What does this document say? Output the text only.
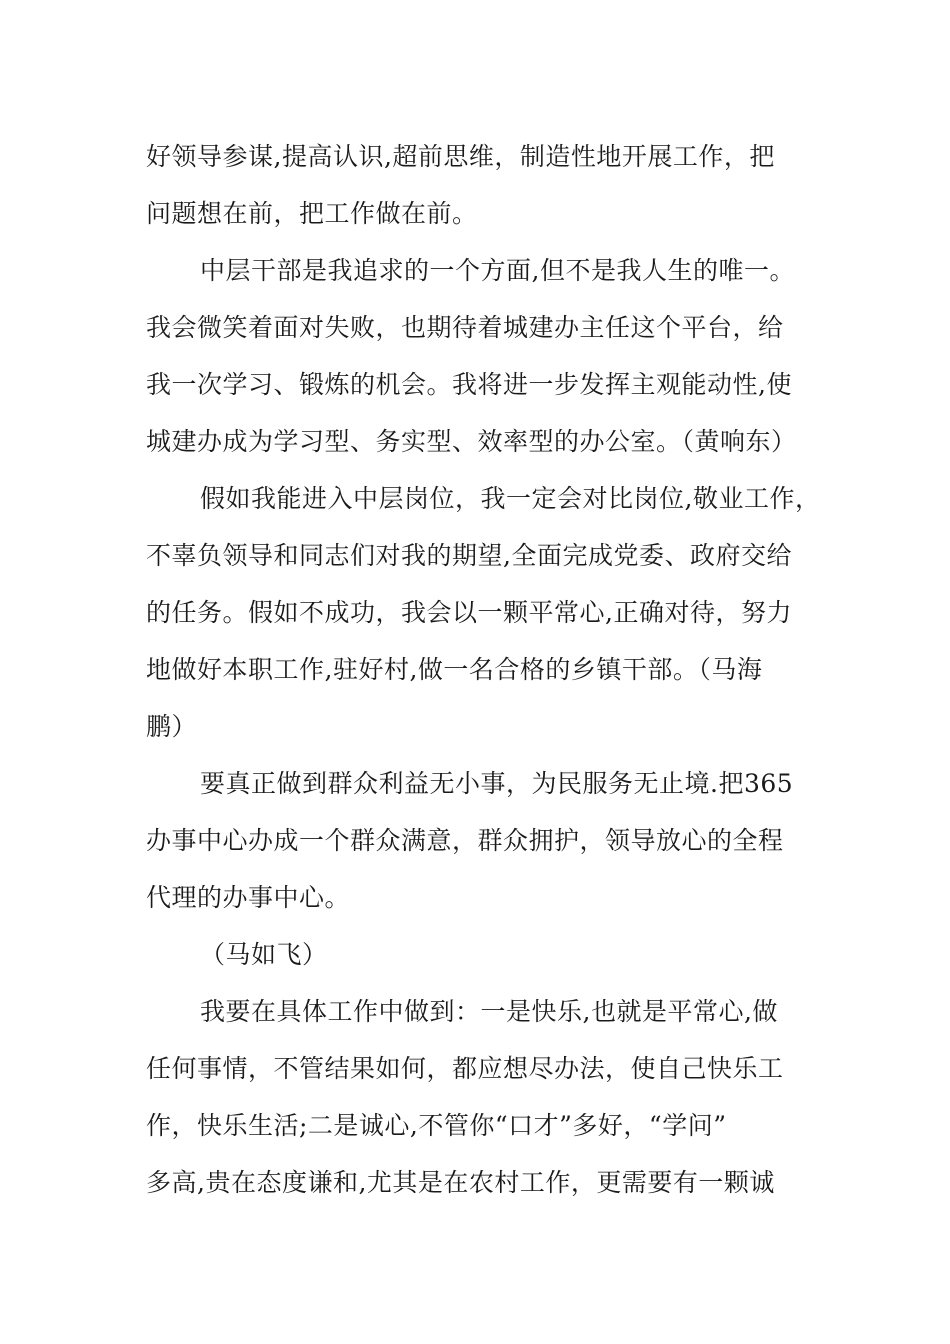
好领导参谋,提高认识,超前思维，制造性地开展工作，把
问题想在前，把工作做在前。
中层干部是我追求的一个方面,但不是我人生的唯一。
我会微笑着面对失败，也期待着城建办主任这个平台，给
我一次学习、锻炼的机会。我将进一步发挥主观能动性,使
城建办成为学习型、务实型、效率型的办公室。（黄响东）
假如我能进入中层岗位，我一定会对比岗位,敬业工作，
不辜负领导和同志们对我的期望,全面完成党委、政府交给
的任务。假如不成功，我会以一颗平常心,正确对待，努力
地做好本职工作,驻好村,做一名合格的乡镇干部。（马海
鹏）
要真正做到群众利益无小事，为民服务无止境.把365
办事中心办成一个群众满意，群众拥护，领导放心的全程
代理的办事中心。
（马如飞）
我要在具体工作中做到：一是快乐,也就是平常心,做
任何事情，不管结果如何，都应想尽办法，使自己快乐工
作，快乐生活;二是诚心,不管你“口才”多好，“学问”
多高,贵在态度谦和,尤其是在农村工作，更需要有一颗诚
